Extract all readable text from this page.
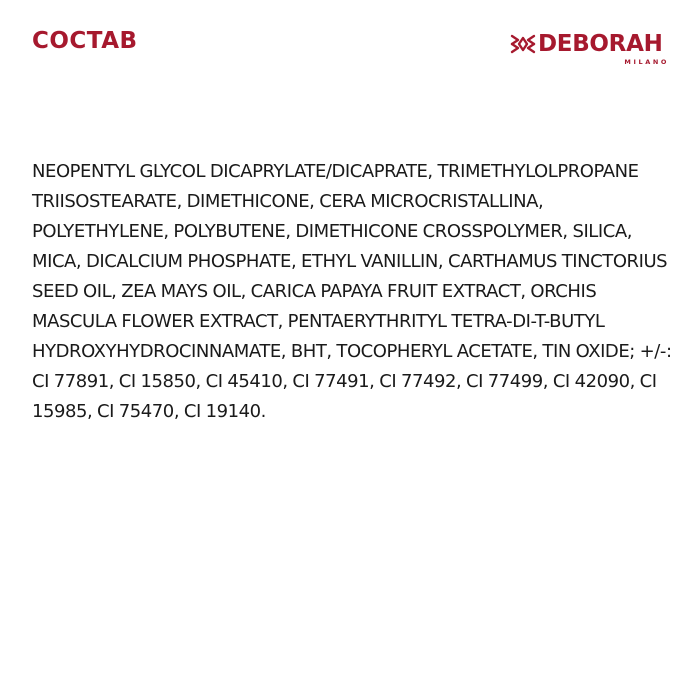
COCTAB	DEBORAH
MILANO

NEOPENTYL GLYCOL DICAPRYLATE/DICAPRATE, TRIMETHYLOLPROPANE TRIISOSTEARATE, DIMETHICONE, CERA MICROCRISTALLINA, POLYETHYLENE, POLYBUTENE, DIMETHICONE CROSSPOLYMER, SILICA, MICA, DICALCIUM PHOSPHATE, ETHYL VANILLIN, CARTHAMUS TINCTORIUS SEED OIL, ZEA MAYS OIL, CARICA PAPAYA FRUIT EXTRACT, ORCHIS MASCULA FLOWER EXTRACT, PENTAERYTHRITYL TETRA-DI-T-BUTYL HYDROXYHYDROCINNAMATE, BHT, TOCOPHERYL ACETATE, TIN OXIDE; +/-: CI 77891, CI 15850, CI 45410, CI 77491, CI 77492, CI 77499, CI 42090, CI 15985, CI 75470, CI 19140.
